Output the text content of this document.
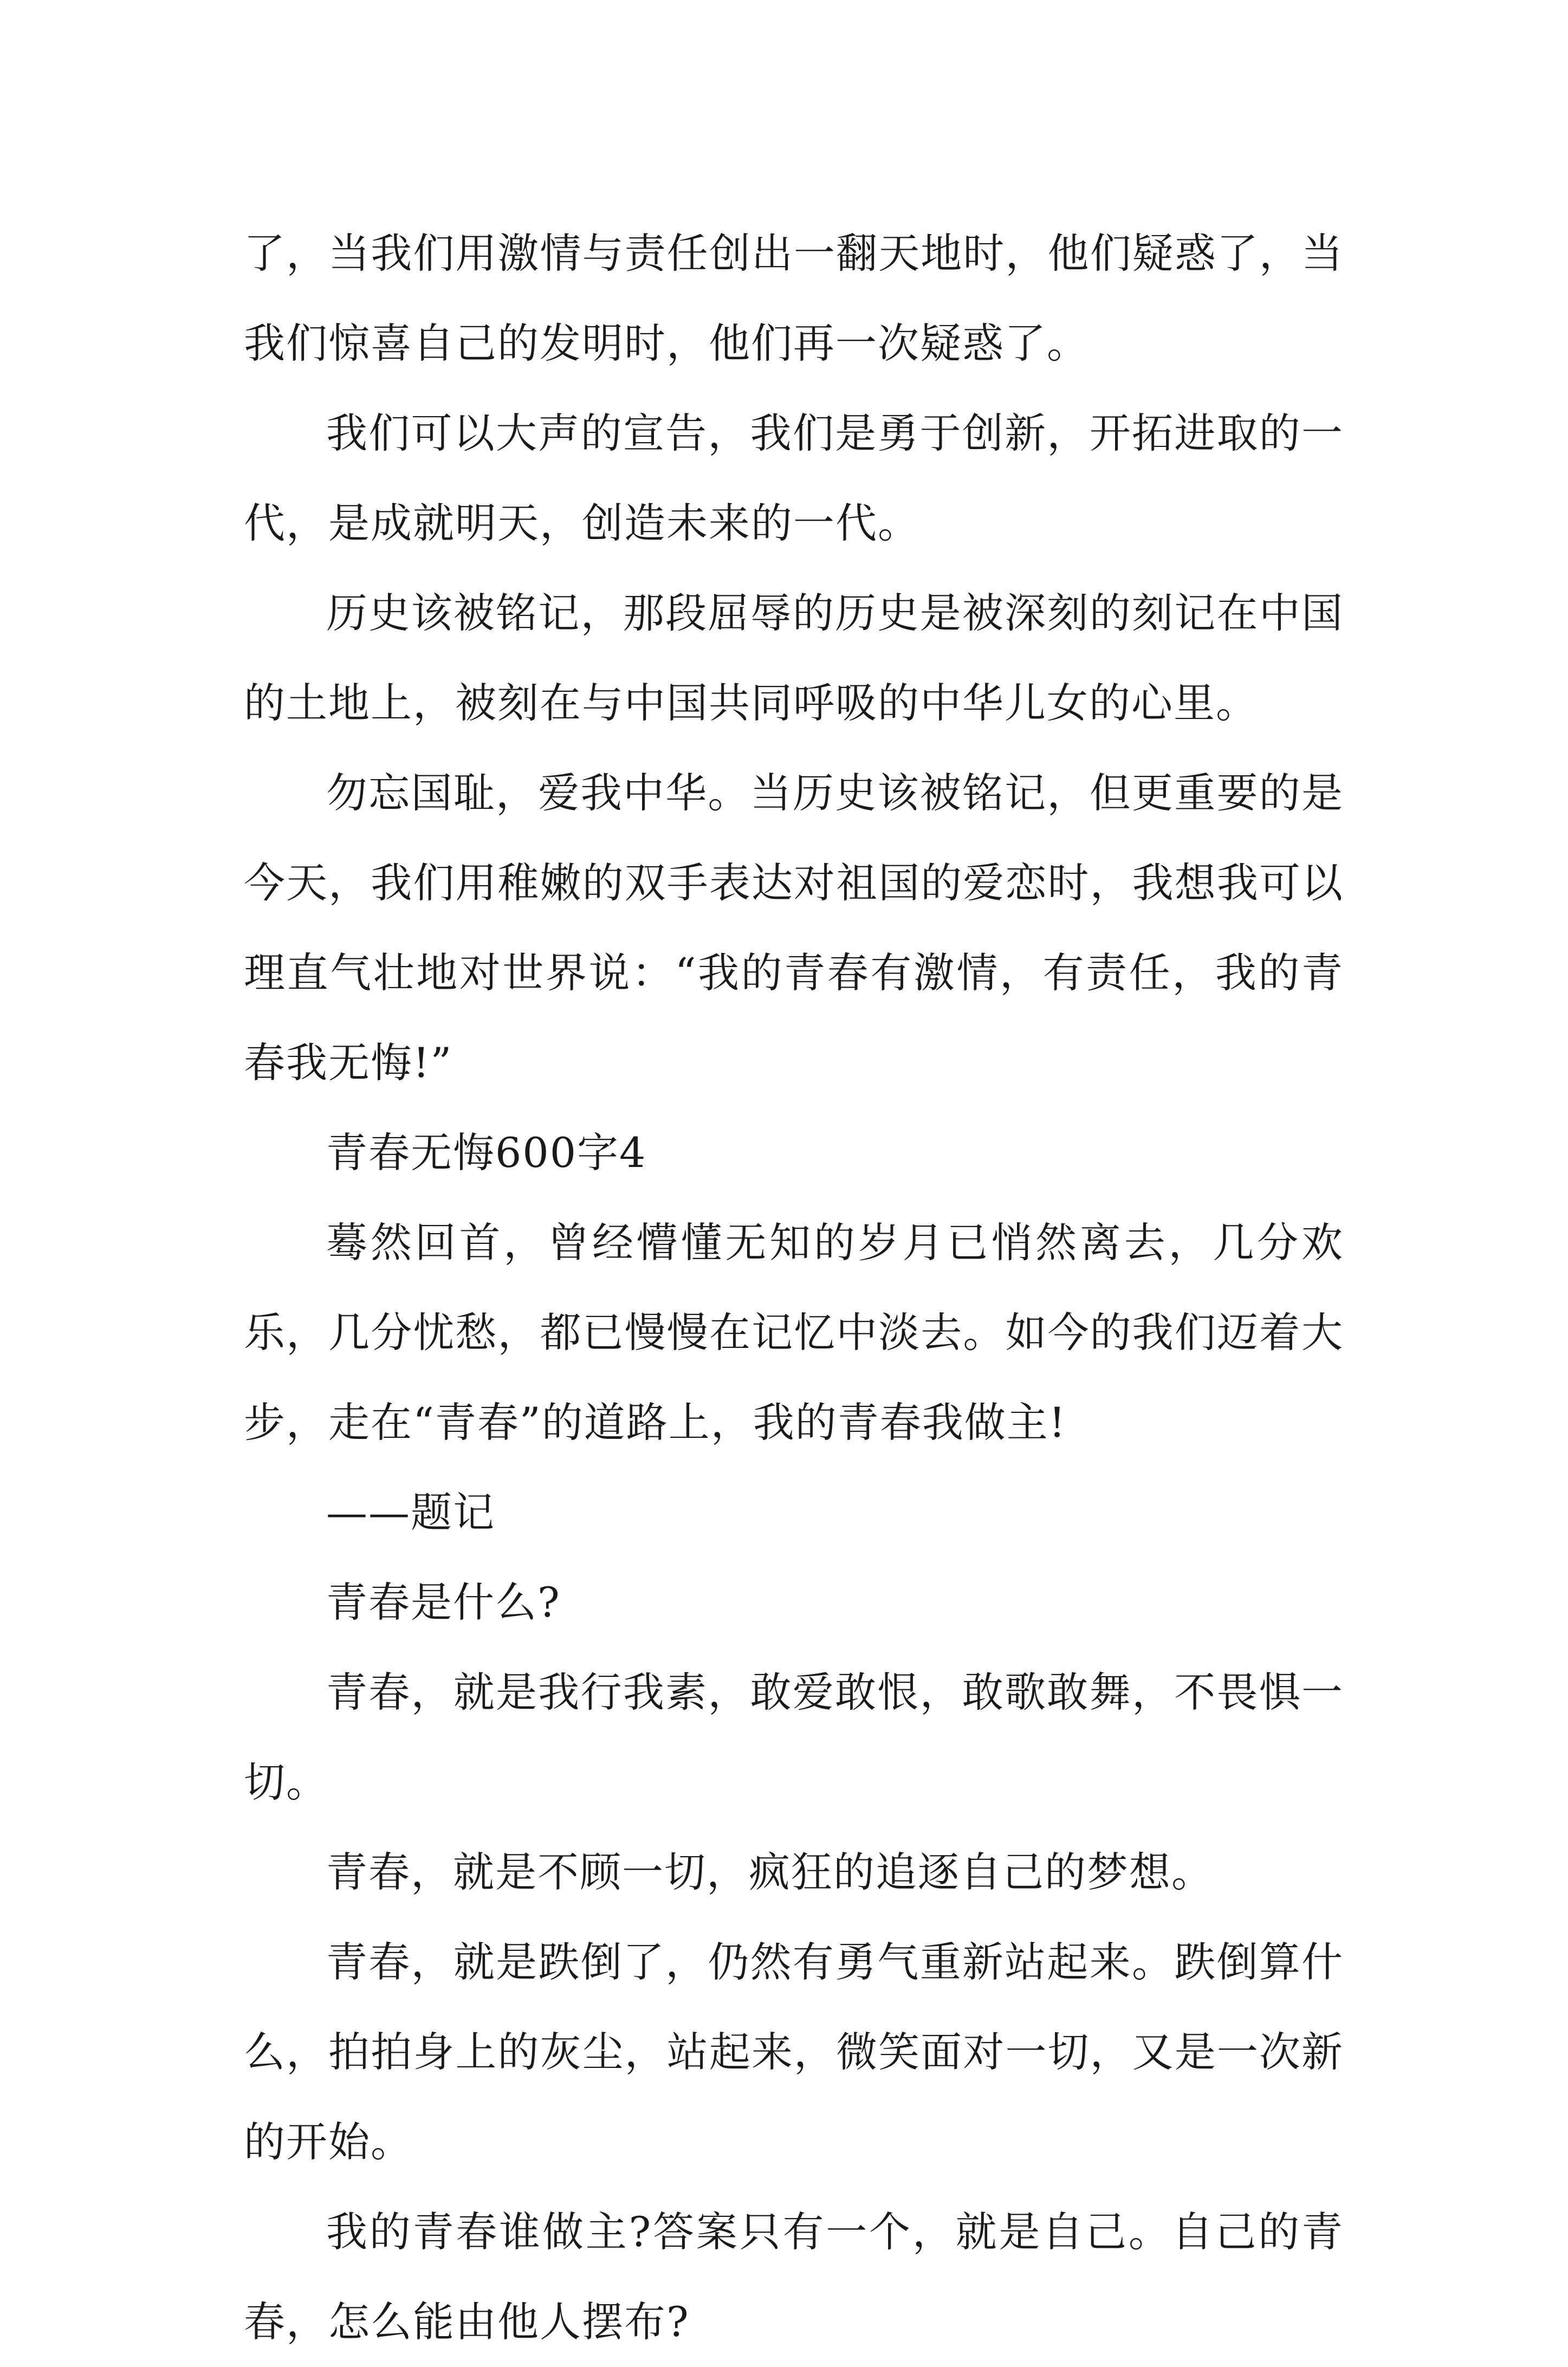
了，当我们用激情与责任创出一翻天地时，他们疑惑了，当我们惊喜自己的发明时，他们再一次疑惑了。

我们可以大声的宣告，我们是勇于创新，开拓进取的一代，是成就明天，创造未来的一代。

历史该被铭记，那段屈辱的历史是被深刻的刻记在中国的土地上，被刻在与中国共同呼吸的中华儿女的心里。

勿忘国耻，爱我中华。当历史该被铭记，但更重要的是今天，我们用稚嫩的双手表达对祖国的爱恋时，我想我可以理直气壮地对世界说：“我的青春有激情，有责任，我的青春我无悔!”

青春无悔600字4

蓦然回首，曾经懵懂无知的岁月已悄然离去，几分欢乐，几分忧愁，都已慢慢在记忆中淡去。如今的我们迈着大步，走在“青春”的道路上，我的青春我做主!

——题记

青春是什么?

青春，就是我行我素，敢爱敢恨，敢歌敢舞，不畏惧一切。

青春，就是不顾一切，疯狂的追逐自己的梦想。

青春，就是跌倒了，仍然有勇气重新站起来。跌倒算什么，拍拍身上的灰尘，站起来，微笑面对一切，又是一次新的开始。

我的青春谁做主?答案只有一个，就是自己。自己的青春，怎么能由他人摆布?
